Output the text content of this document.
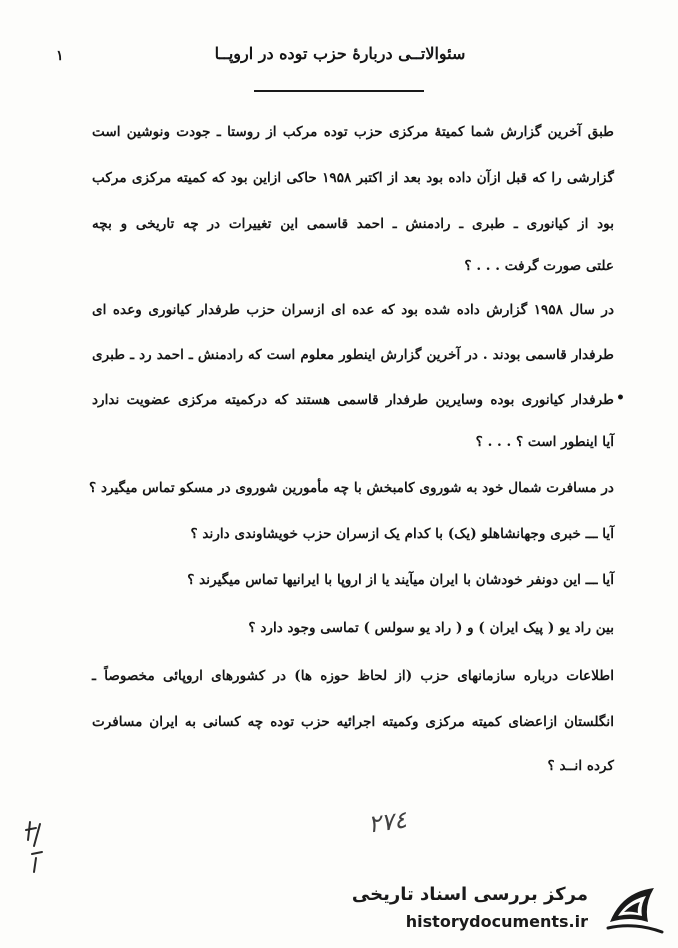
١	سئوالاتــی دربارهٔ حزب توده در اروپــا
طبق آخرین گزارش شما کمیتهٔ مرکزی حزب توده مرکب از روستا ـ جودت ونوشین است
گزارشی را که قبل ازآن داده بود بعد از اکتبر ۱۹۵۸ حاکی ازاین بود که کمیته مرکزی مرکب
بود از کیانوری ـ طبری ـ رادمنش ـ احمد قاسمی این تغییرات در چه تاریخی و بچه
علتی صورت گرفت . . . ؟
در سال ۱۹۵۸ گزارش داده شده بود که عده ای ازسران حزب طرفدار کیانوری وعده ای
طرفدار قاسمی بودند . در آخرین گزارش اینطور معلوم است که رادمنش ـ احمد رد ـ طبری
طرفدار کیانوری بوده وسایرین طرفدار قاسمی هستند که درکمیته مرکزی عضویت ندارد
آیا اینطور است ؟ . . . ؟
در مسافرت شمال خود به شوروی کامبخش با چه مأمورین شوروی در مسکو تماس میگیرد ؟
آیا ـــ خبری وجهانشاهلو (یک) با کدام یک ازسران حزب خویشاوندی دارند ؟
آیا ـــ این دونفر خودشان با ایران میآیند یا از اروپا با ایرانیها تماس میگیرند ؟
بین راد یو ( پیک ایران ) و ( راد یو سولس ) تماسی وجود دارد ؟
اطلاعات درباره سازمانهای حزب (از لحاظ حوزه ها) در کشورهای اروپائی مخصوصاً ـ
انگلستان ازاعضای کمیته مرکزی وکمیته اجرائیه حزب توده چه کسانی به ایران مسافرت
کرده انــد ؟
•
٢٧٤
مرکز بررسی اسناد تاریخی
historydocuments.ir
